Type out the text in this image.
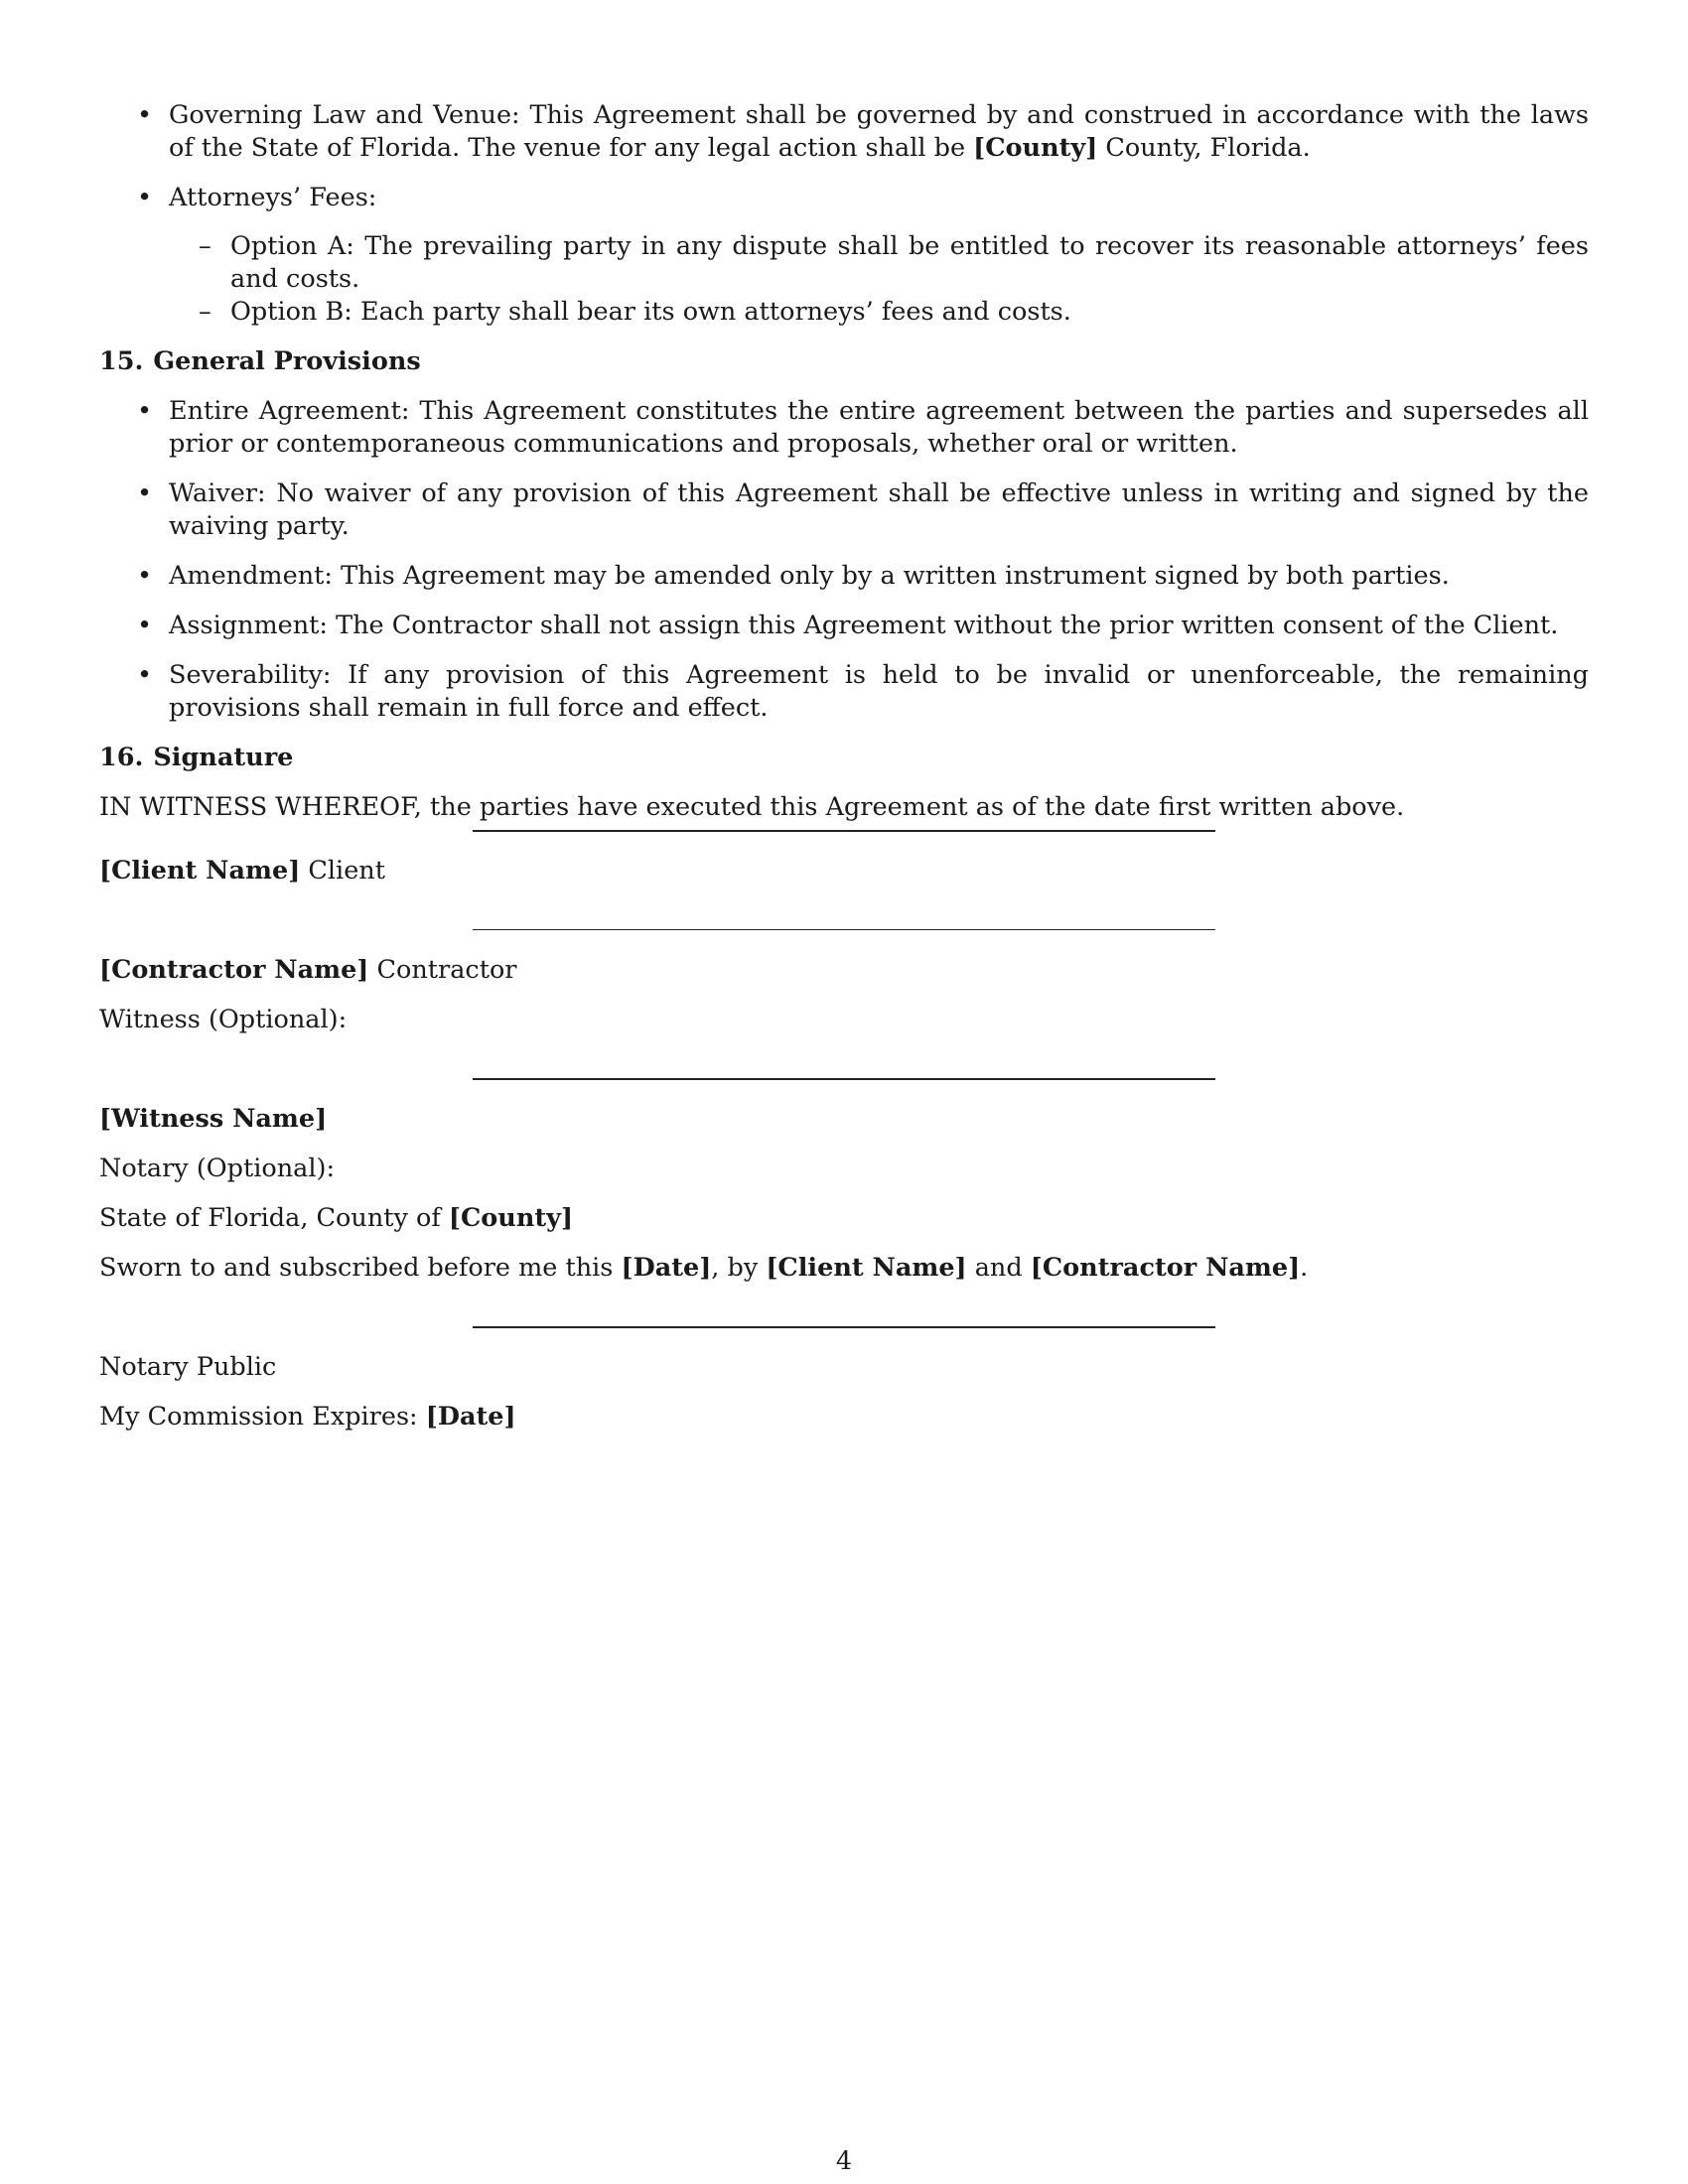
• Governing Law and Venue: This Agreement shall be governed by and construed in accordance with the laws of the State of Florida. The venue for any legal action shall be [County] County, Florida.
• Attorneys’ Fees:
– Option A: The prevailing party in any dispute shall be entitled to recover its reasonable attorneys’ fees and costs.
– Option B: Each party shall bear its own attorneys’ fees and costs.
15. General Provisions
• Entire Agreement: This Agreement constitutes the entire agreement between the parties and supersedes all prior or contemporaneous communications and proposals, whether oral or written.
• Waiver: No waiver of any provision of this Agreement shall be effective unless in writing and signed by the waiving party.
• Amendment: This Agreement may be amended only by a written instrument signed by both parties.
• Assignment: The Contractor shall not assign this Agreement without the prior written consent of the Client.
• Severability: If any provision of this Agreement is held to be invalid or unenforceable, the remaining provisions shall remain in full force and effect.
16. Signature

IN WITNESS WHEREOF, the parties have executed this Agreement as of the date first written above.

[Client Name] Client

[Contractor Name] Contractor

Witness (Optional):

[Witness Name]

Notary (Optional):

State of Florida, County of [County]

Sworn to and subscribed before me this [Date], by [Client Name] and [Contractor Name].

Notary Public

My Commission Expires: [Date]

4
